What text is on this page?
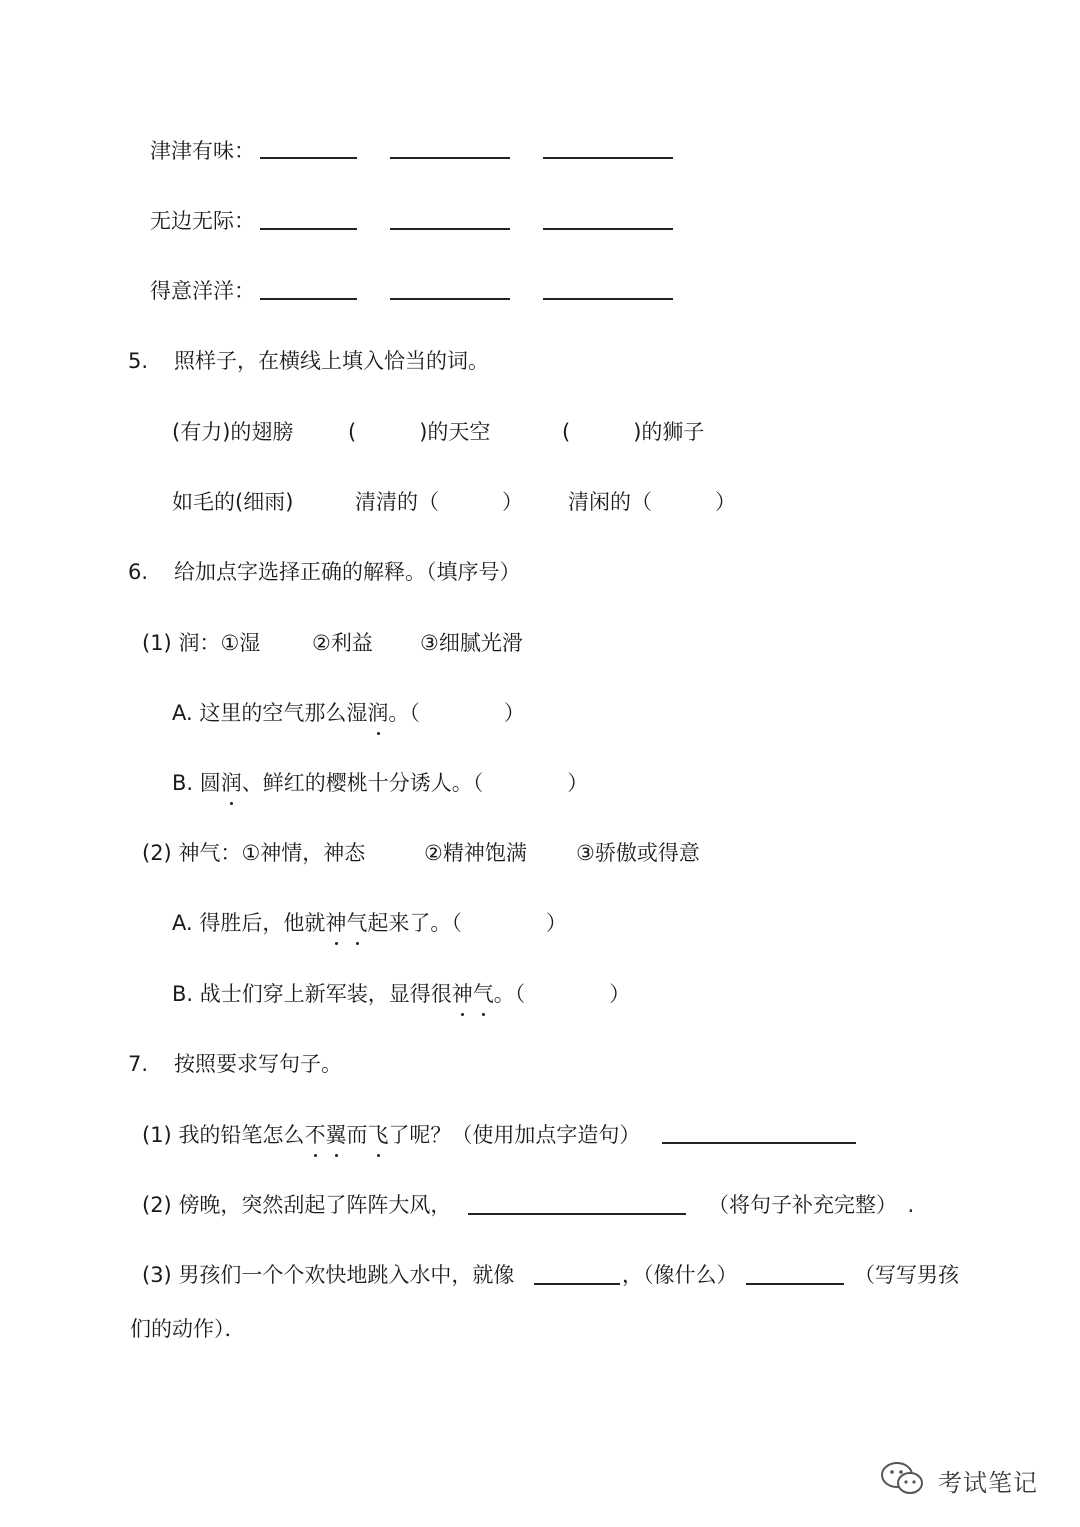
津津有味：
无边无际：
得意洋洋：
5. 照样子，在横线上填入恰当的词。
(有力)的翅膀	(　　　)的天空	(　　　)的狮子
如毛的(细雨)	清清的（　　　） 清闲的（　　　）
6. 给加点字选择正确的解释。（填序号）
(1) 润：①湿 ②利益 ③细腻光滑
A. 这里的空气那么湿润。（　　　　）
B. 圆润、鲜红的樱桃十分诱人。（　　　　）
(2) 神气：①神情，神态	②精神饱满 ③骄傲或得意
A. 得胜后，他就神气起来了。（　　　　）
B. 战士们穿上新军装，显得很神气。（　　　　）
7. 按照要求写句子。
(1) 我的铅笔怎么不翼而飞了呢？（使用加点字造句）
(2) 傍晚，突然刮起了阵阵大风，	（将句子补充完整）　.
(3) 男孩们一个个欢快地跳入水中，就像	，（像什么）	（写写男孩
们的动作）．
考试笔记
